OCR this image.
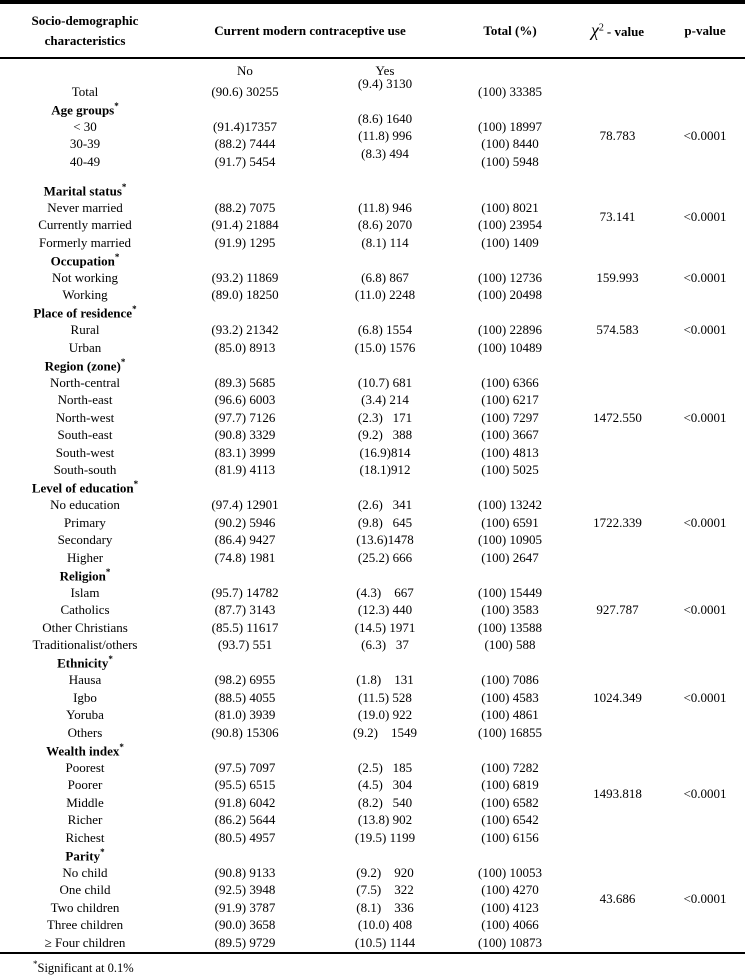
Socio-demographic characteristics	Current modern contraceptive use		Total (%)	$\chi^2$ - value	p-value
	No	Yes			
Total	(90.6) 30255	(9.4) 3130	(100) 33385		
Age groups*				78.783	<0.0001
< 30	(91.4)17357	(8.6) 1640	(100) 18997		
30-39	(88.2) 7444	(11.8) 996	(100) 8440		
40-49	(91.7) 5454	(8.3) 494	(100) 5948		

Marital status*				73.141	<0.0001
Never married	(88.2) 7075	(11.8) 946	(100) 8021		
Currently married	(91.4) 21884	(8.6) 2070	(100) 23954		
Formerly married	(91.9) 1295	(8.1) 114	(100) 1409		
Occupation*				159.993	<0.0001
Not working	(93.2) 11869	(6.8) 867	(100) 12736		
Working	(89.0) 18250	(11.0) 2248	(100) 20498		
Place of residence*				574.583	<0.0001
Rural	(93.2) 21342	(6.8) 1554	(100) 22896		
Urban	(85.0) 8913	(15.0) 1576	(100) 10489		
Region (zone)*				1472.550	<0.0001
North-central	(89.3) 5685	(10.7) 681	(100) 6366		
North-east	(96.6) 6003	(3.4) 214	(100) 6217		
North-west	(97.7) 7126	(2.3)   171	(100) 7297		
South-east	(90.8) 3329	(9.2)   388	(100) 3667		
South-west	(83.1) 3999	(16.9)814	(100) 4813		
South-south	(81.9) 4113	(18.1)912	(100) 5025		
Level of education*				1722.339	<0.0001
No education	(97.4) 12901	(2.6)   341	(100) 13242		
Primary	(90.2) 5946	(9.8)   645	(100) 6591		
Secondary	(86.4) 9427	(13.6)1478	(100) 10905		
Higher	(74.8) 1981	(25.2) 666	(100) 2647		
Religion*				927.787	<0.0001
Islam	(95.7) 14782	(4.3)    667	(100) 15449		
Catholics	(87.7) 3143	(12.3) 440	(100) 3583		
Other Christians	(85.5) 11617	(14.5) 1971	(100) 13588		
Traditionalist/others	(93.7) 551	(6.3)   37	(100) 588		
Ethnicity*				1024.349	<0.0001
Hausa	(98.2) 6955	(1.8)    131	(100) 7086		
Igbo	(88.5) 4055	(11.5) 528	(100) 4583		
Yoruba	(81.0) 3939	(19.0) 922	(100) 4861		
Others	(90.8) 15306	(9.2)    1549	(100) 16855		
Wealth index*				1493.818	<0.0001
Poorest	(97.5) 7097	(2.5)   185	(100) 7282		
Poorer	(95.5) 6515	(4.5)   304	(100) 6819		
Middle	(91.8) 6042	(8.2)   540	(100) 6582		
Richer	(86.2) 5644	(13.8) 902	(100) 6542		
Richest	(80.5) 4957	(19.5) 1199	(100) 6156		
Parity*				43.686	<0.0001
No child	(90.8) 9133	(9.2)    920	(100) 10053		
One child	(92.5) 3948	(7.5)    322	(100) 4270		
Two children	(91.9) 3787	(8.1)    336	(100) 4123		
Three children	(90.0) 3658	(10.0) 408	(100) 4066		
≥ Four children	(89.5) 9729	(10.5) 1144	(100) 10873		
*Significant at 0.1%
